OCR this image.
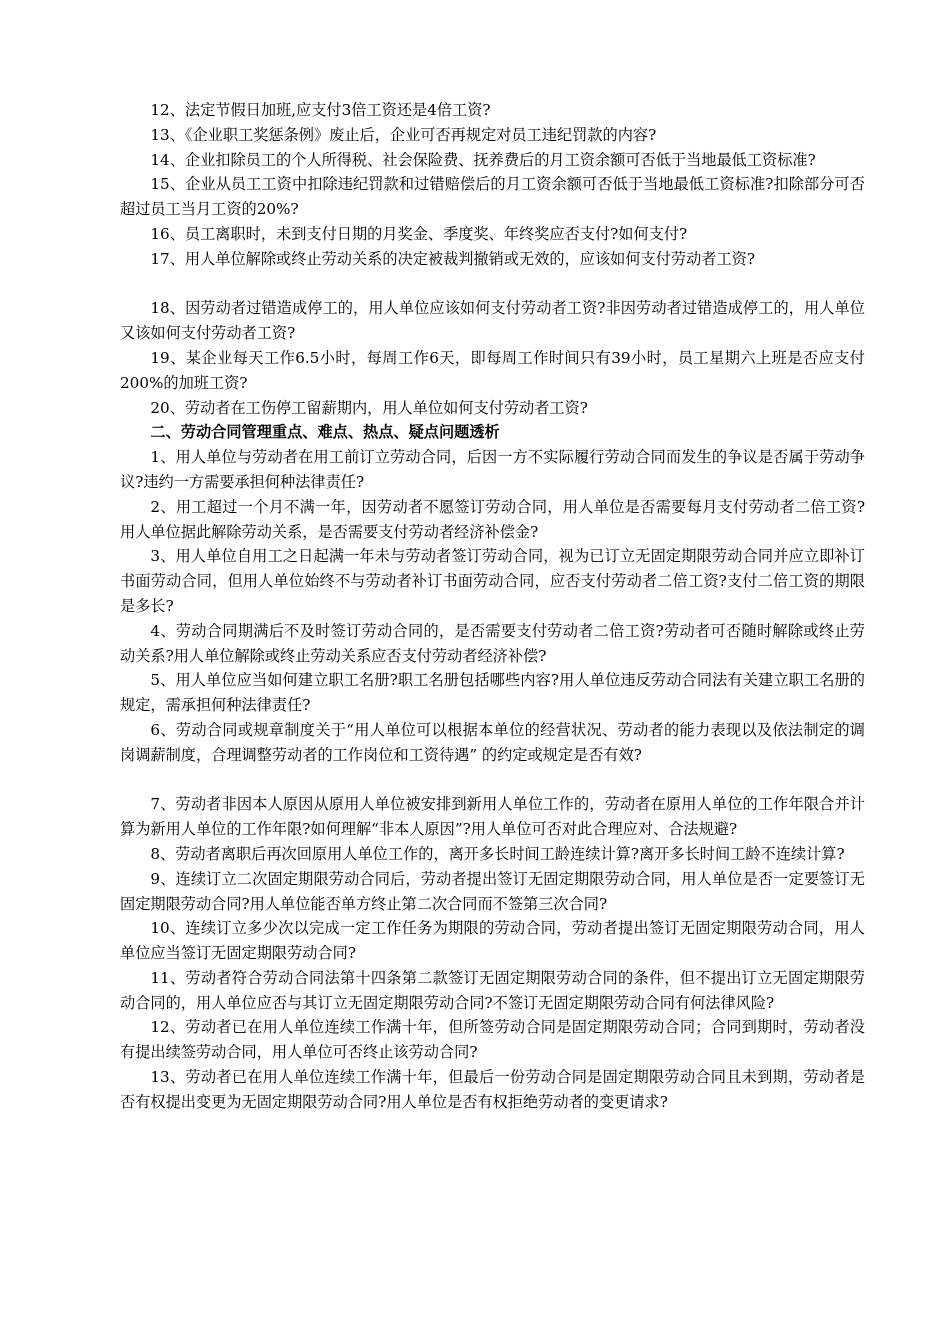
12、法定节假日加班,应支付3倍工资还是4倍工资?

13、《企业职工奖惩条例》废止后，企业可否再规定对员工违纪罚款的内容?

14、企业扣除员工的个人所得税、社会保险费、抚养费后的月工资余额可否低于当地最低工资标准?

15、企业从员工工资中扣除违纪罚款和过错赔偿后的月工资余额可否低于当地最低工资标准?扣除部分可否超过员工当月工资的20%?

16、员工离职时，未到支付日期的月奖金、季度奖、年终奖应否支付?如何支付?

17、用人单位解除或终止劳动关系的决定被裁判撤销或无效的，应该如何支付劳动者工资?

18、因劳动者过错造成停工的，用人单位应该如何支付劳动者工资?非因劳动者过错造成停工的，用人单位又该如何支付劳动者工资?

19、某企业每天工作6.5小时，每周工作6天，即每周工作时间只有39小时，员工星期六上班是否应支付200%的加班工资?

20、劳动者在工伤停工留薪期内，用人单位如何支付劳动者工资?

二、劳动合同管理重点、难点、热点、疑点问题透析

1、用人单位与劳动者在用工前订立劳动合同，后因一方不实际履行劳动合同而发生的争议是否属于劳动争议?违约一方需要承担何种法律责任?

2、用工超过一个月不满一年，因劳动者不愿签订劳动合同，用人单位是否需要每月支付劳动者二倍工资?用人单位据此解除劳动关系，是否需要支付劳动者经济补偿金?

3、用人单位自用工之日起满一年未与劳动者签订劳动合同，视为已订立无固定期限劳动合同并应立即补订书面劳动合同，但用人单位始终不与劳动者补订书面劳动合同，应否支付劳动者二倍工资?支付二倍工资的期限是多长?

4、劳动合同期满后不及时签订劳动合同的，是否需要支付劳动者二倍工资?劳动者可否随时解除或终止劳动关系?用人单位解除或终止劳动关系应否支付劳动者经济补偿?

5、用人单位应当如何建立职工名册?职工名册包括哪些内容?用人单位违反劳动合同法有关建立职工名册的规定，需承担何种法律责任?

6、劳动合同或规章制度关于“用人单位可以根据本单位的经营状况、劳动者的能力表现以及依法制定的调岗调薪制度，合理调整劳动者的工作岗位和工资待遇” 的约定或规定是否有效?

7、劳动者非因本人原因从原用人单位被安排到新用人单位工作的，劳动者在原用人单位的工作年限合并计算为新用人单位的工作年限?如何理解“非本人原因”?用人单位可否对此合理应对、合法规避?

8、劳动者离职后再次回原用人单位工作的，离开多长时间工龄连续计算?离开多长时间工龄不连续计算?

9、连续订立二次固定期限劳动合同后，劳动者提出签订无固定期限劳动合同，用人单位是否一定要签订无固定期限劳动合同?用人单位能否单方终止第二次合同而不签第三次合同?

10、连续订立多少次以完成一定工作任务为期限的劳动合同，劳动者提出签订无固定期限劳动合同，用人单位应当签订无固定期限劳动合同?

11、劳动者符合劳动合同法第十四条第二款签订无固定期限劳动合同的条件，但不提出订立无固定期限劳动合同的，用人单位应否与其订立无固定期限劳动合同?不签订无固定期限劳动合同有何法律风险?

12、劳动者已在用人单位连续工作满十年，但所签劳动合同是固定期限劳动合同；合同到期时，劳动者没有提出续签劳动合同，用人单位可否终止该劳动合同?

13、劳动者已在用人单位连续工作满十年，但最后一份劳动合同是固定期限劳动合同且未到期，劳动者是否有权提出变更为无固定期限劳动合同?用人单位是否有权拒绝劳动者的变更请求?
